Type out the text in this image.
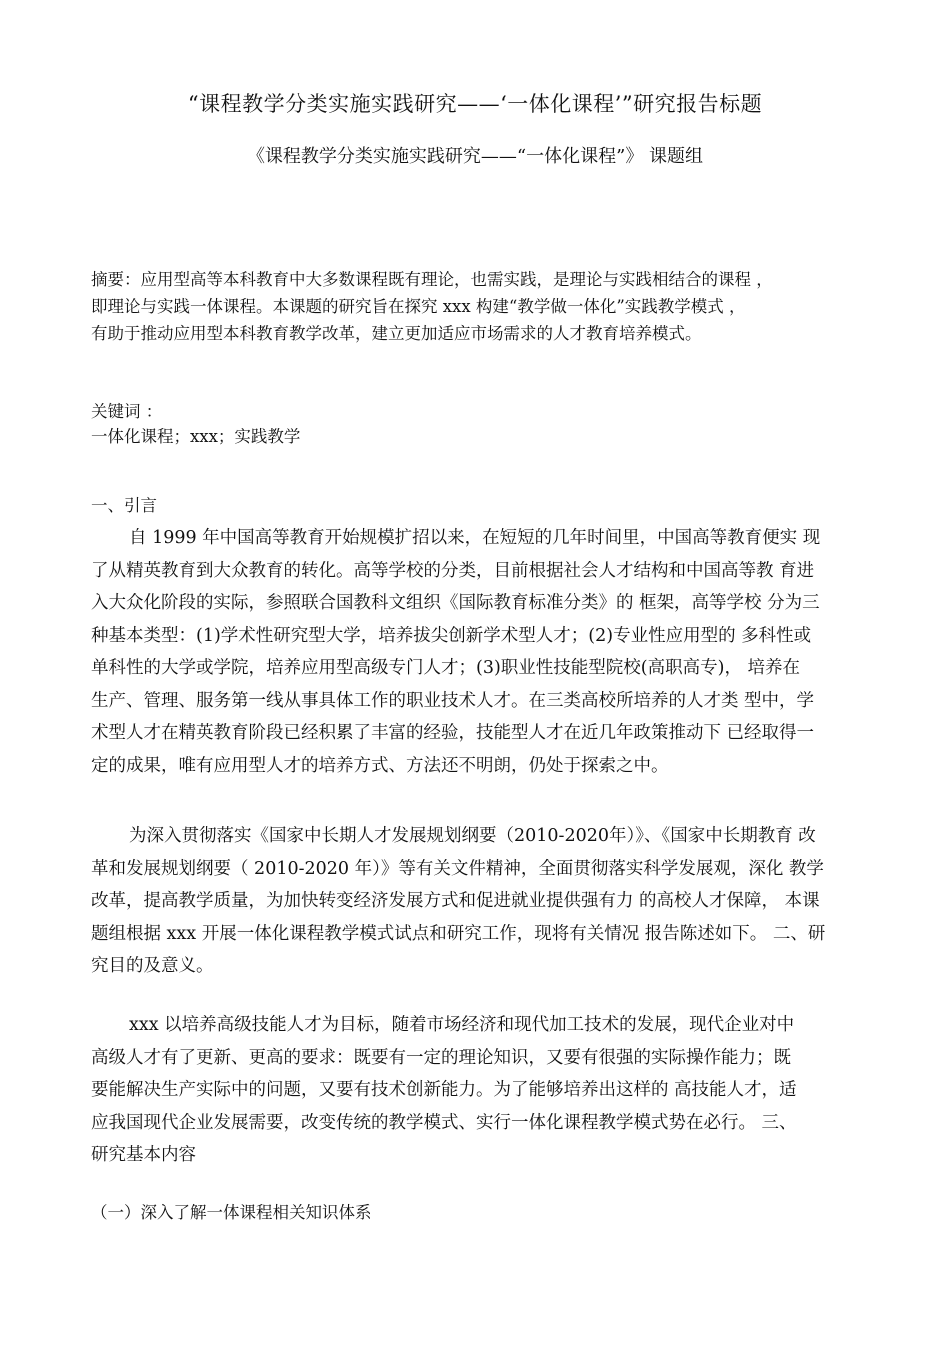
“课程教学分类实施实践研究——‘一体化课程’”研究报告标题
《课程教学分类实施实践研究——“一体化课程”》 课题组
摘要：应用型高等本科教育中大多数课程既有理论，也需实践，是理论与实践相结合的课程 ，
即理论与实践一体课程。本课题的研究旨在探究 xxx 构建“教学做一体化”实践教学模式 ，
有助于推动应用型本科教育教学改革，建立更加适应市场需求的人才教育培养模式。
关键词 ：
一体化课程；xxx；实践教学
一、引言
自 1999 年中国高等教育开始规模扩招以来，在短短的几年时间里，中国高等教育便实 现
了从精英教育到大众教育的转化。高等学校的分类，目前根据社会人才结构和中国高等教 育进
入大众化阶段的实际，参照联合国教科文组织《国际教育标准分类》的 框架，高等学校 分为三
种基本类型：(1)学术性研究型大学，培养拔尖创新学术型人才；(2)专业性应用型的 多科性或
单科性的大学或学院，培养应用型高级专门人才；(3)职业性技能型院校(高职高专)， 培养在
生产、管理、服务第一线从事具体工作的职业技术人才。在三类高校所培养的人才类 型中，学
术型人才在精英教育阶段已经积累了丰富的经验，技能型人才在近几年政策推动下 已经取得一
定的成果，唯有应用型人才的培养方式、方法还不明朗，仍处于探索之中。
为深入贯彻落实《国家中长期人才发展规划纲要（2010-2020年）》、《国家中长期教育 改
革和发展规划纲要（ 2010-2020 年）》等有关文件精神，全面贯彻落实科学发展观，深化 教学
改革，提高教学质量，为加快转变经济发展方式和促进就业提供强有力 的高校人才保障， 本课
题组根据 xxx 开展一体化课程教学模式试点和研究工作，现将有关情况 报告陈述如下。 二、研
究目的及意义。
xxx 以培养高级技能人才为目标，随着市场经济和现代加工技术的发展，现代企业对中
高级人才有了更新、更高的要求：既要有一定的理论知识，又要有很强的实际操作能力；既
要能解决生产实际中的问题，又要有技术创新能力。为了能够培养出这样的 高技能人才，适
应我国现代企业发展需要，改变传统的教学模式、实行一体化课程教学模式势在必行。 三、
研究基本内容
（一）深入了解一体课程相关知识体系
